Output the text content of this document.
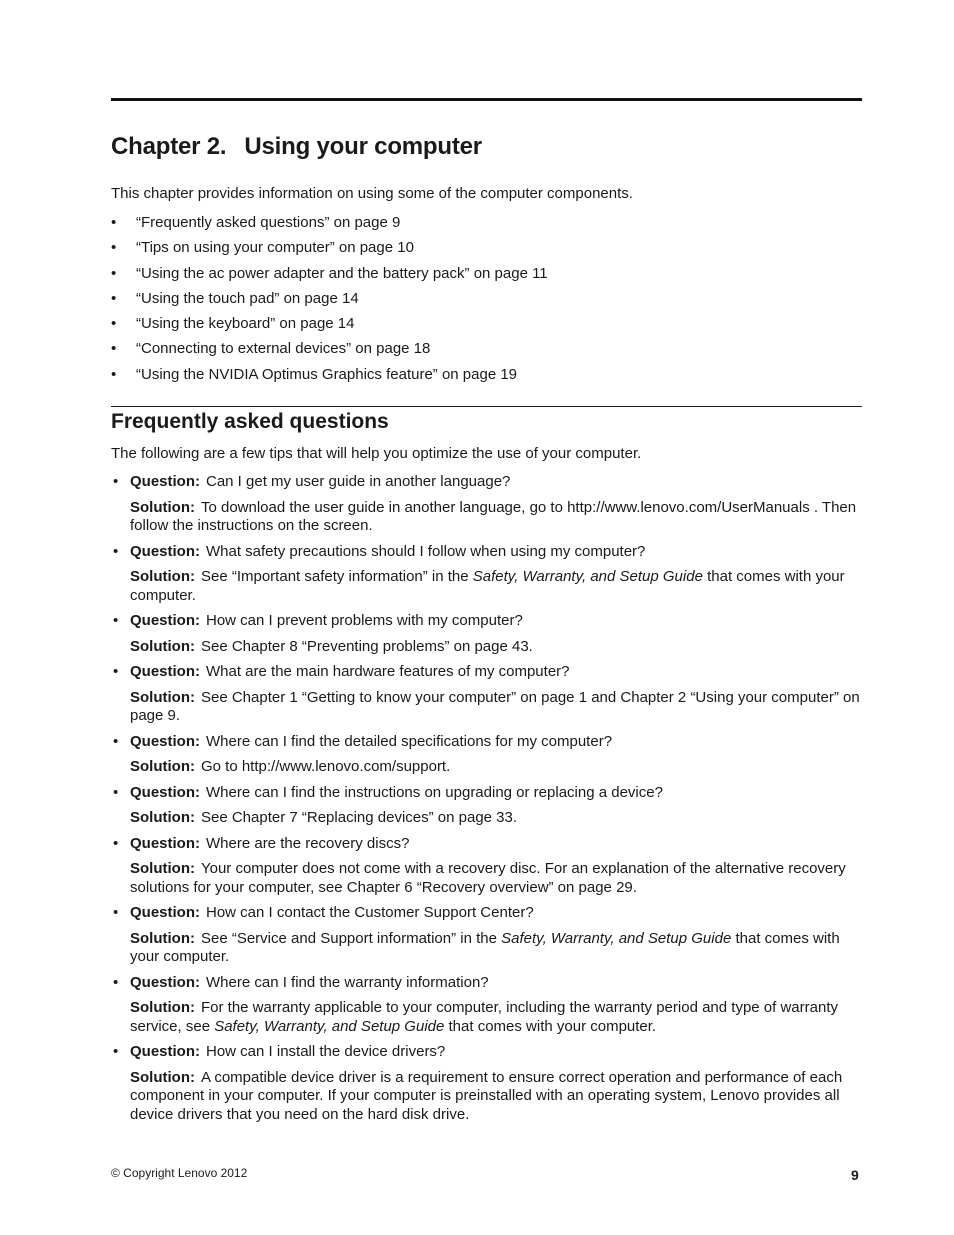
Chapter 2. Using your computer

This chapter provides information on using some of the computer components.

• “Frequently asked questions” on page 9
• “Tips on using your computer” on page 10
• “Using the ac power adapter and the battery pack” on page 11
• “Using the touch pad” on page 14
• “Using the keyboard” on page 14
• “Connecting to external devices” on page 18
• “Using the NVIDIA Optimus Graphics feature” on page 19
Frequently asked questions

The following are a few tips that will help you optimize the use of your computer.

• Question: Can I get my user guide in another language?

Solution: To download the user guide in another language, go to http://www.lenovo.com/UserManuals . Then follow the instructions on the screen.

• Question: What safety precautions should I follow when using my computer?

Solution: See “Important safety information” in the Safety, Warranty, and Setup Guide that comes with your computer.

• Question: How can I prevent problems with my computer?

Solution: See Chapter 8 “Preventing problems” on page 43.

• Question: What are the main hardware features of my computer?

Solution: See Chapter 1 “Getting to know your computer” on page 1 and Chapter 2 “Using your computer” on page 9.

• Question: Where can I find the detailed specifications for my computer?

Solution: Go to http://www.lenovo.com/support.

• Question: Where can I find the instructions on upgrading or replacing a device?

Solution: See Chapter 7 “Replacing devices” on page 33.

• Question: Where are the recovery discs?

Solution: Your computer does not come with a recovery disc. For an explanation of the alternative recovery solutions for your computer, see Chapter 6 “Recovery overview” on page 29.

• Question: How can I contact the Customer Support Center?

Solution: See “Service and Support information” in the Safety, Warranty, and Setup Guide that comes with your computer.

• Question: Where can I find the warranty information?

Solution: For the warranty applicable to your computer, including the warranty period and type of warranty service, see Safety, Warranty, and Setup Guide that comes with your computer.

• Question: How can I install the device drivers?

Solution: A compatible device driver is a requirement to ensure correct operation and performance of each component in your computer. If your computer is preinstalled with an operating system, Lenovo provides all device drivers that you need on the hard disk drive.

© Copyright Lenovo 2012	9
